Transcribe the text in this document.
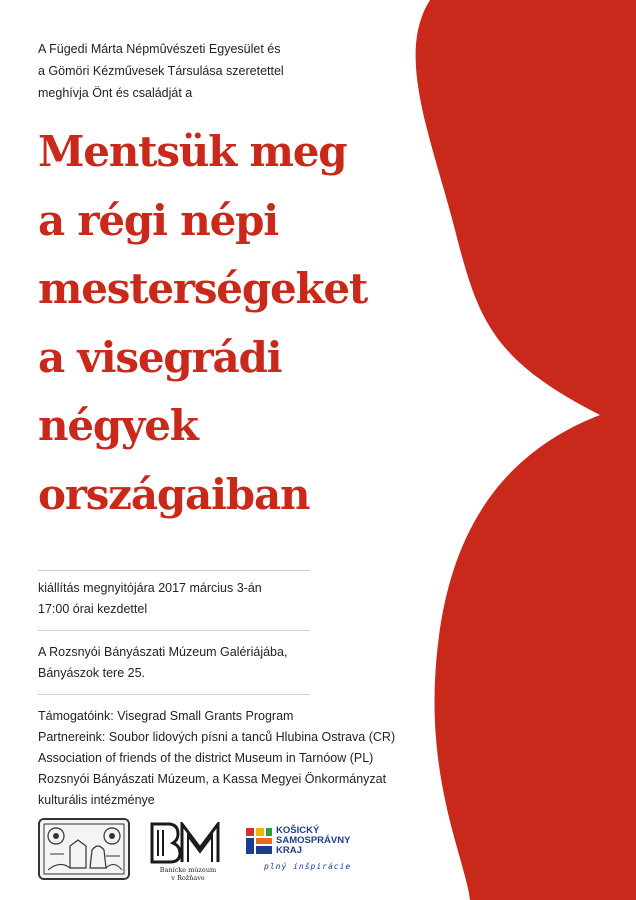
A Fügedi Márta Népmûvészeti Egyesület és
a Gömöri Kézművesek Társulása szeretettel
meghívja Önt és családját a
Mentsük meg
a régi népi
mesterségeket
a visegrádi
négyek
országaiban
kiállítás megnyitójára 2017 március 3-án
17:00 órai kezdettel
A Rozsnyói Bányászati Múzeum Galériájába,
Bányászok tere 25.
Támogatóink: Visegrad Small Grants Program
Partnereink: Soubor lidových písni a tanců Hlubina Ostrava (CR)
Association of friends of the district Museum in Tarnóow (PL)
Rozsnyói Bányászati Múzeum, a Kassa Megyei Önkormányzat
kulturális intézménye
Banícke múzeum
v Rožňave
KOŠICKÝ
SAMOSPRÁVNY
KRAJ
plný inšpirácie
